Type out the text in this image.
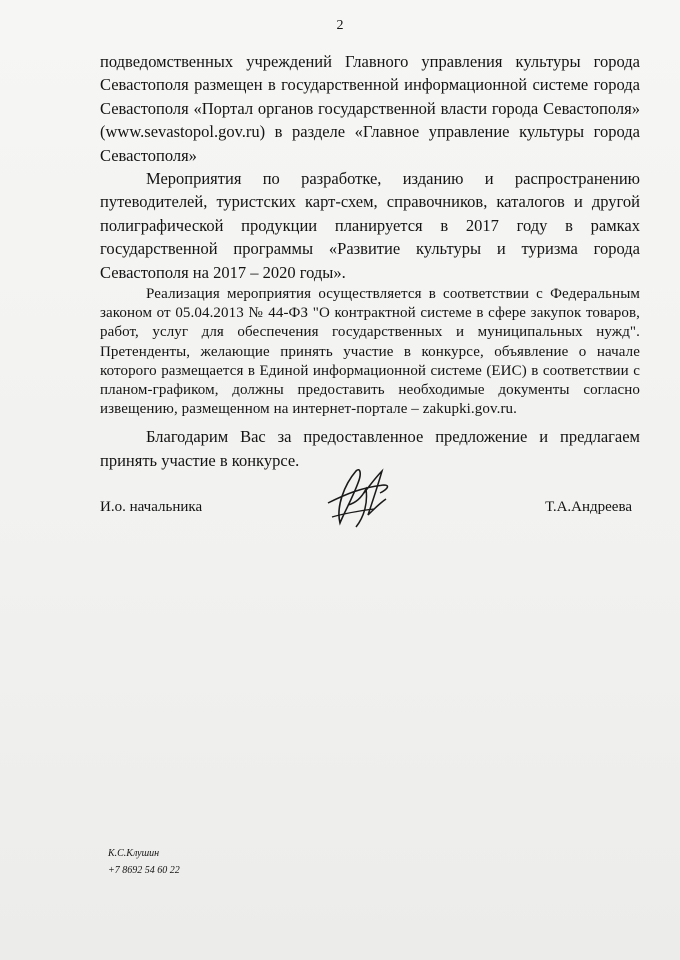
2

подведомственных учреждений Главного управления культуры города Севастополя размещен в государственной информационной системе города Севастополя «Портал органов государственной власти города Севастополя» (www.sevastopol.gov.ru) в разделе «Главное управление культуры города Севастополя»

Мероприятия по разработке, изданию и распространению путеводителей, туристских карт-схем, справочников, каталогов и другой полиграфической продукции планируется в 2017 году в рамках государственной программы «Развитие культуры и туризма города Севастополя на 2017 – 2020 годы».

Реализация мероприятия осуществляется в соответствии с Федеральным законом от 05.04.2013 № 44-ФЗ "О контрактной системе в сфере закупок товаров, работ, услуг для обеспечения государственных и муниципальных нужд". Претенденты, желающие принять участие в конкурсе, объявление о начале которого размещается в Единой информационной системе (ЕИС) в соответствии с планом-графиком, должны предоставить необходимые документы согласно извещению, размещенном на интернет-портале – zakupki.gov.ru.

Благодарим Вас за предоставленное предложение и предлагаем принять участие в конкурсе.

И.о. начальника	Т.А.Андреева
К.С.Клушин
+7 8692 54 60 22
